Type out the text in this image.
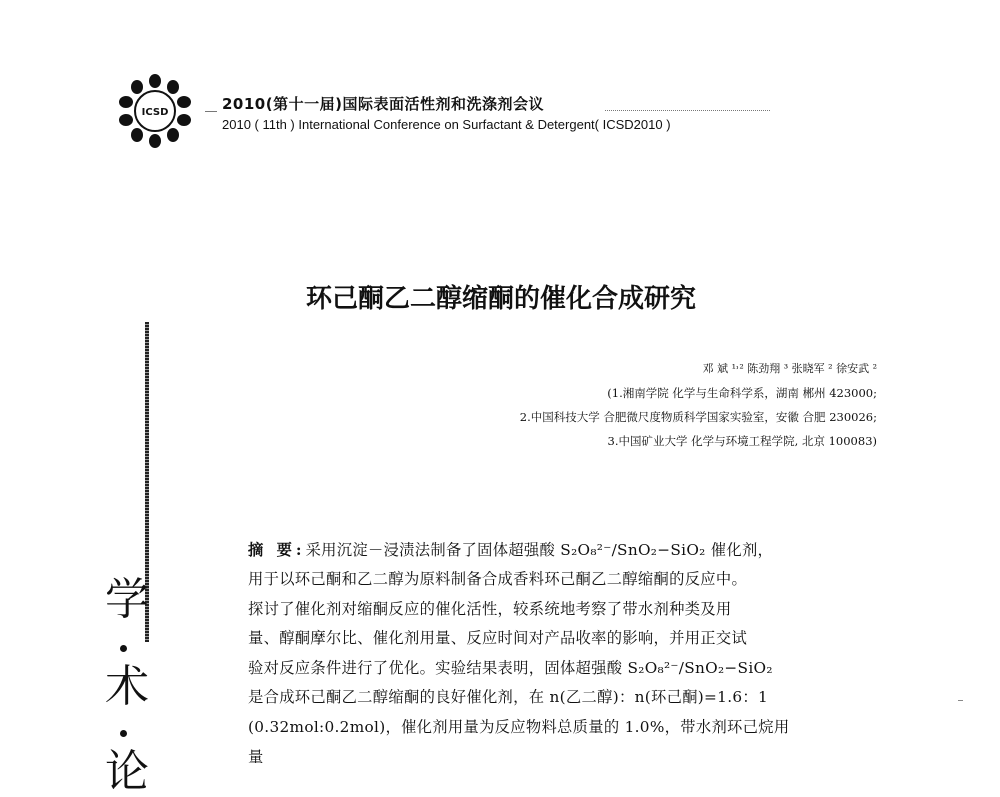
ICSD	2010(第十一届)国际表面活性剂和洗涤剂会议
2010 ( 11th ) International Conference on Surfactant & Detergent( ICSD2010 )
环己酮乙二醇缩酮的催化合成研究
邓 斌 ¹˒² 陈劲翔 ³ 张晓军 ² 徐安武 ²
(1.湘南学院 化学与生命科学系，湖南 郴州 423000;
2.中国科技大学 合肥微尺度物质科学国家实验室，安徽 合肥 230026;
3.中国矿业大学 化学与环境工程学院, 北京 100083)
学
术
论
摘 要:采用沉淀－浸渍法制备了固体超强酸 S₂O₈²⁻/SnO₂−SiO₂ 催化剂，
用于以环己酮和乙二醇为原料制备合成香料环己酮乙二醇缩酮的反应中。
探讨了催化剂对缩酮反应的催化活性，较系统地考察了带水剂种类及用
量、醇酮摩尔比、催化剂用量、反应时间对产品收率的影响，并用正交试
验对反应条件进行了优化。实验结果表明，固体超强酸 S₂O₈²⁻/SnO₂−SiO₂
是合成环己酮乙二醇缩酮的良好催化剂，在 n(乙二醇)：n(环己酮)=1.6：1
(0.32mol:0.2mol)，催化剂用量为反应物料总质量的 1.0%，带水剂环己烷用
量
